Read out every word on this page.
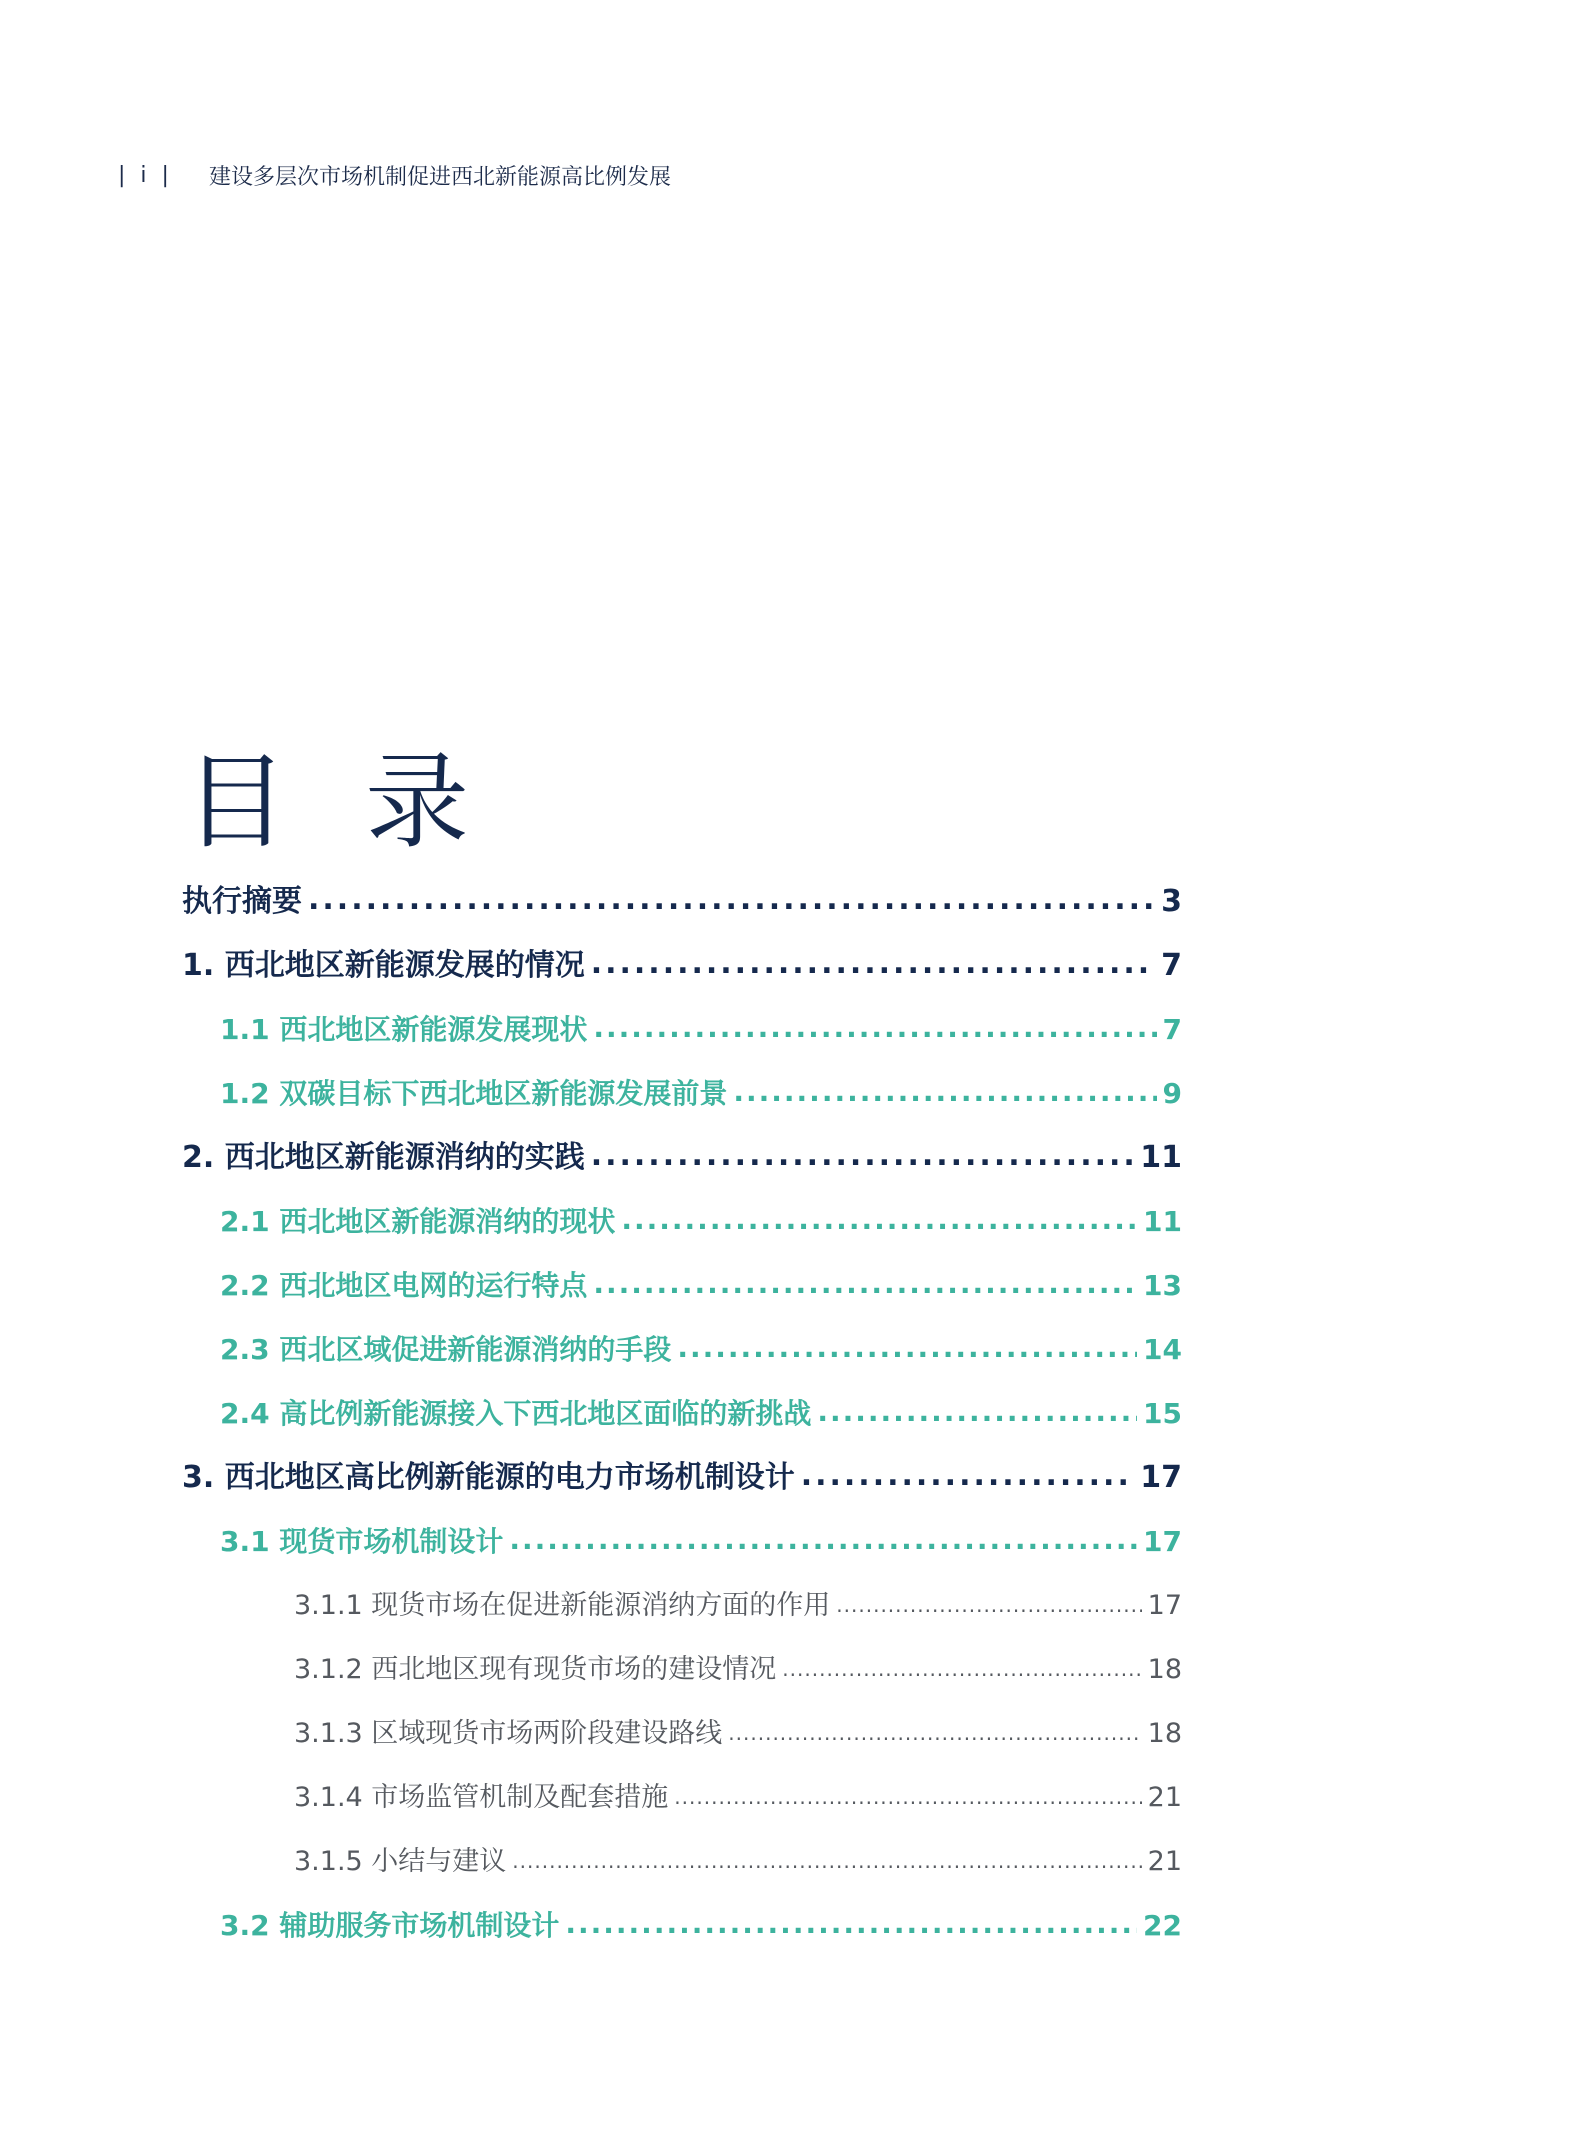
| i | 建设多层次市场机制促进西北新能源高比例发展
目 录
执行摘要 .....	3
1. 西北地区新能源发展的情况 .....	7
1.1 西北地区新能源发展现状 .....	7
1.2 双碳目标下西北地区新能源发展前景 .....	9
2. 西北地区新能源消纳的实践 .....	11
2.1 西北地区新能源消纳的现状 .....	11
2.2 西北地区电网的运行特点 .....	13
2.3 西北区域促进新能源消纳的手段 .....	14
2.4 高比例新能源接入下西北地区面临的新挑战 .....	15
3. 西北地区高比例新能源的电力市场机制设计 .....	17
3.1 现货市场机制设计 .....	17
3.1.1 现货市场在促进新能源消纳方面的作用 .....	17
3.1.2 西北地区现有现货市场的建设情况 .....	18
3.1.3 区域现货市场两阶段建设路线 .....	18
3.1.4 市场监管机制及配套措施 .....	21
3.1.5 小结与建议 .....	21
3.2 辅助服务市场机制设计 .....	22
